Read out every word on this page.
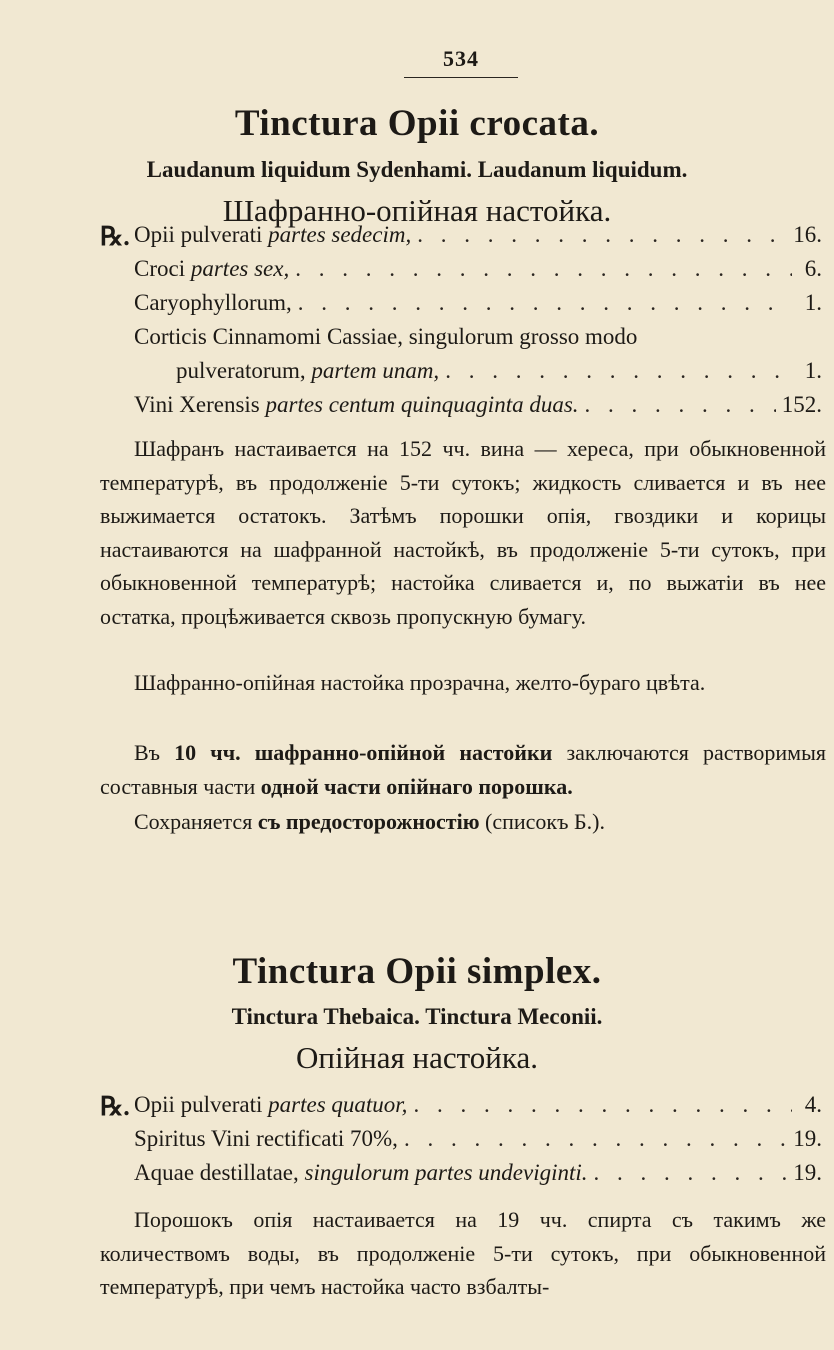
534
Tinctura Opii crocata.
Laudanum liquidum Sydenhami. Laudanum liquidum.
Шафранно-опiйная настойка.
℞. Opii pulverati partes sedecim, . . .	16.
Croci partes sex, . . .	6.
Caryophyllorum, . . .	1.
Corticis Cinnamomi Cassiae, singulorum grosso modo
pulveratorum, partem unam, . . .	1.
Vini Xerensis partes centum quinquaginta duas. . . .	152.
Шафранъ настаивается на 152 чч. вина — хереса, при обыкновенной температурѣ, въ продолженiе 5-ти сутокъ; жидкость сливается и въ нее выжимается остатокъ. Затѣмъ порошки опiя, гвоздики и корицы настаиваются на шафранной настойкѣ, въ продолженiе 5-ти сутокъ, при обыкновенной температурѣ; настойка сливается и, по выжатiи въ нее остатка, процѣживается сквозь пропускную бумагу.
Шафранно-опiйная настойка прозрачна, желто-бураго цвѣта.
Въ 10 чч. шафранно-опiйной настойки заключаются растворимыя составныя части одной части опiйнаго порошка.
Сохраняется съ предосторожностiю (списокъ Б.).
Tinctura Opii simplex.
Tinctura Thebaica. Tinctura Meconii.
Опiйная настойка.
℞. Opii pulverati partes quatuor, . . .	4.
Spiritus Vini rectificati 70%, . . .	19.
Aquae destillatae, singulorum partes undeviginti. . . .	19.
Порошокъ опiя настаивается на 19 чч. спирта съ такимъ же количествомъ воды, въ продолженiе 5-ти сутокъ, при обыкновенной температурѣ, при чемъ настойка часто взбалты-
